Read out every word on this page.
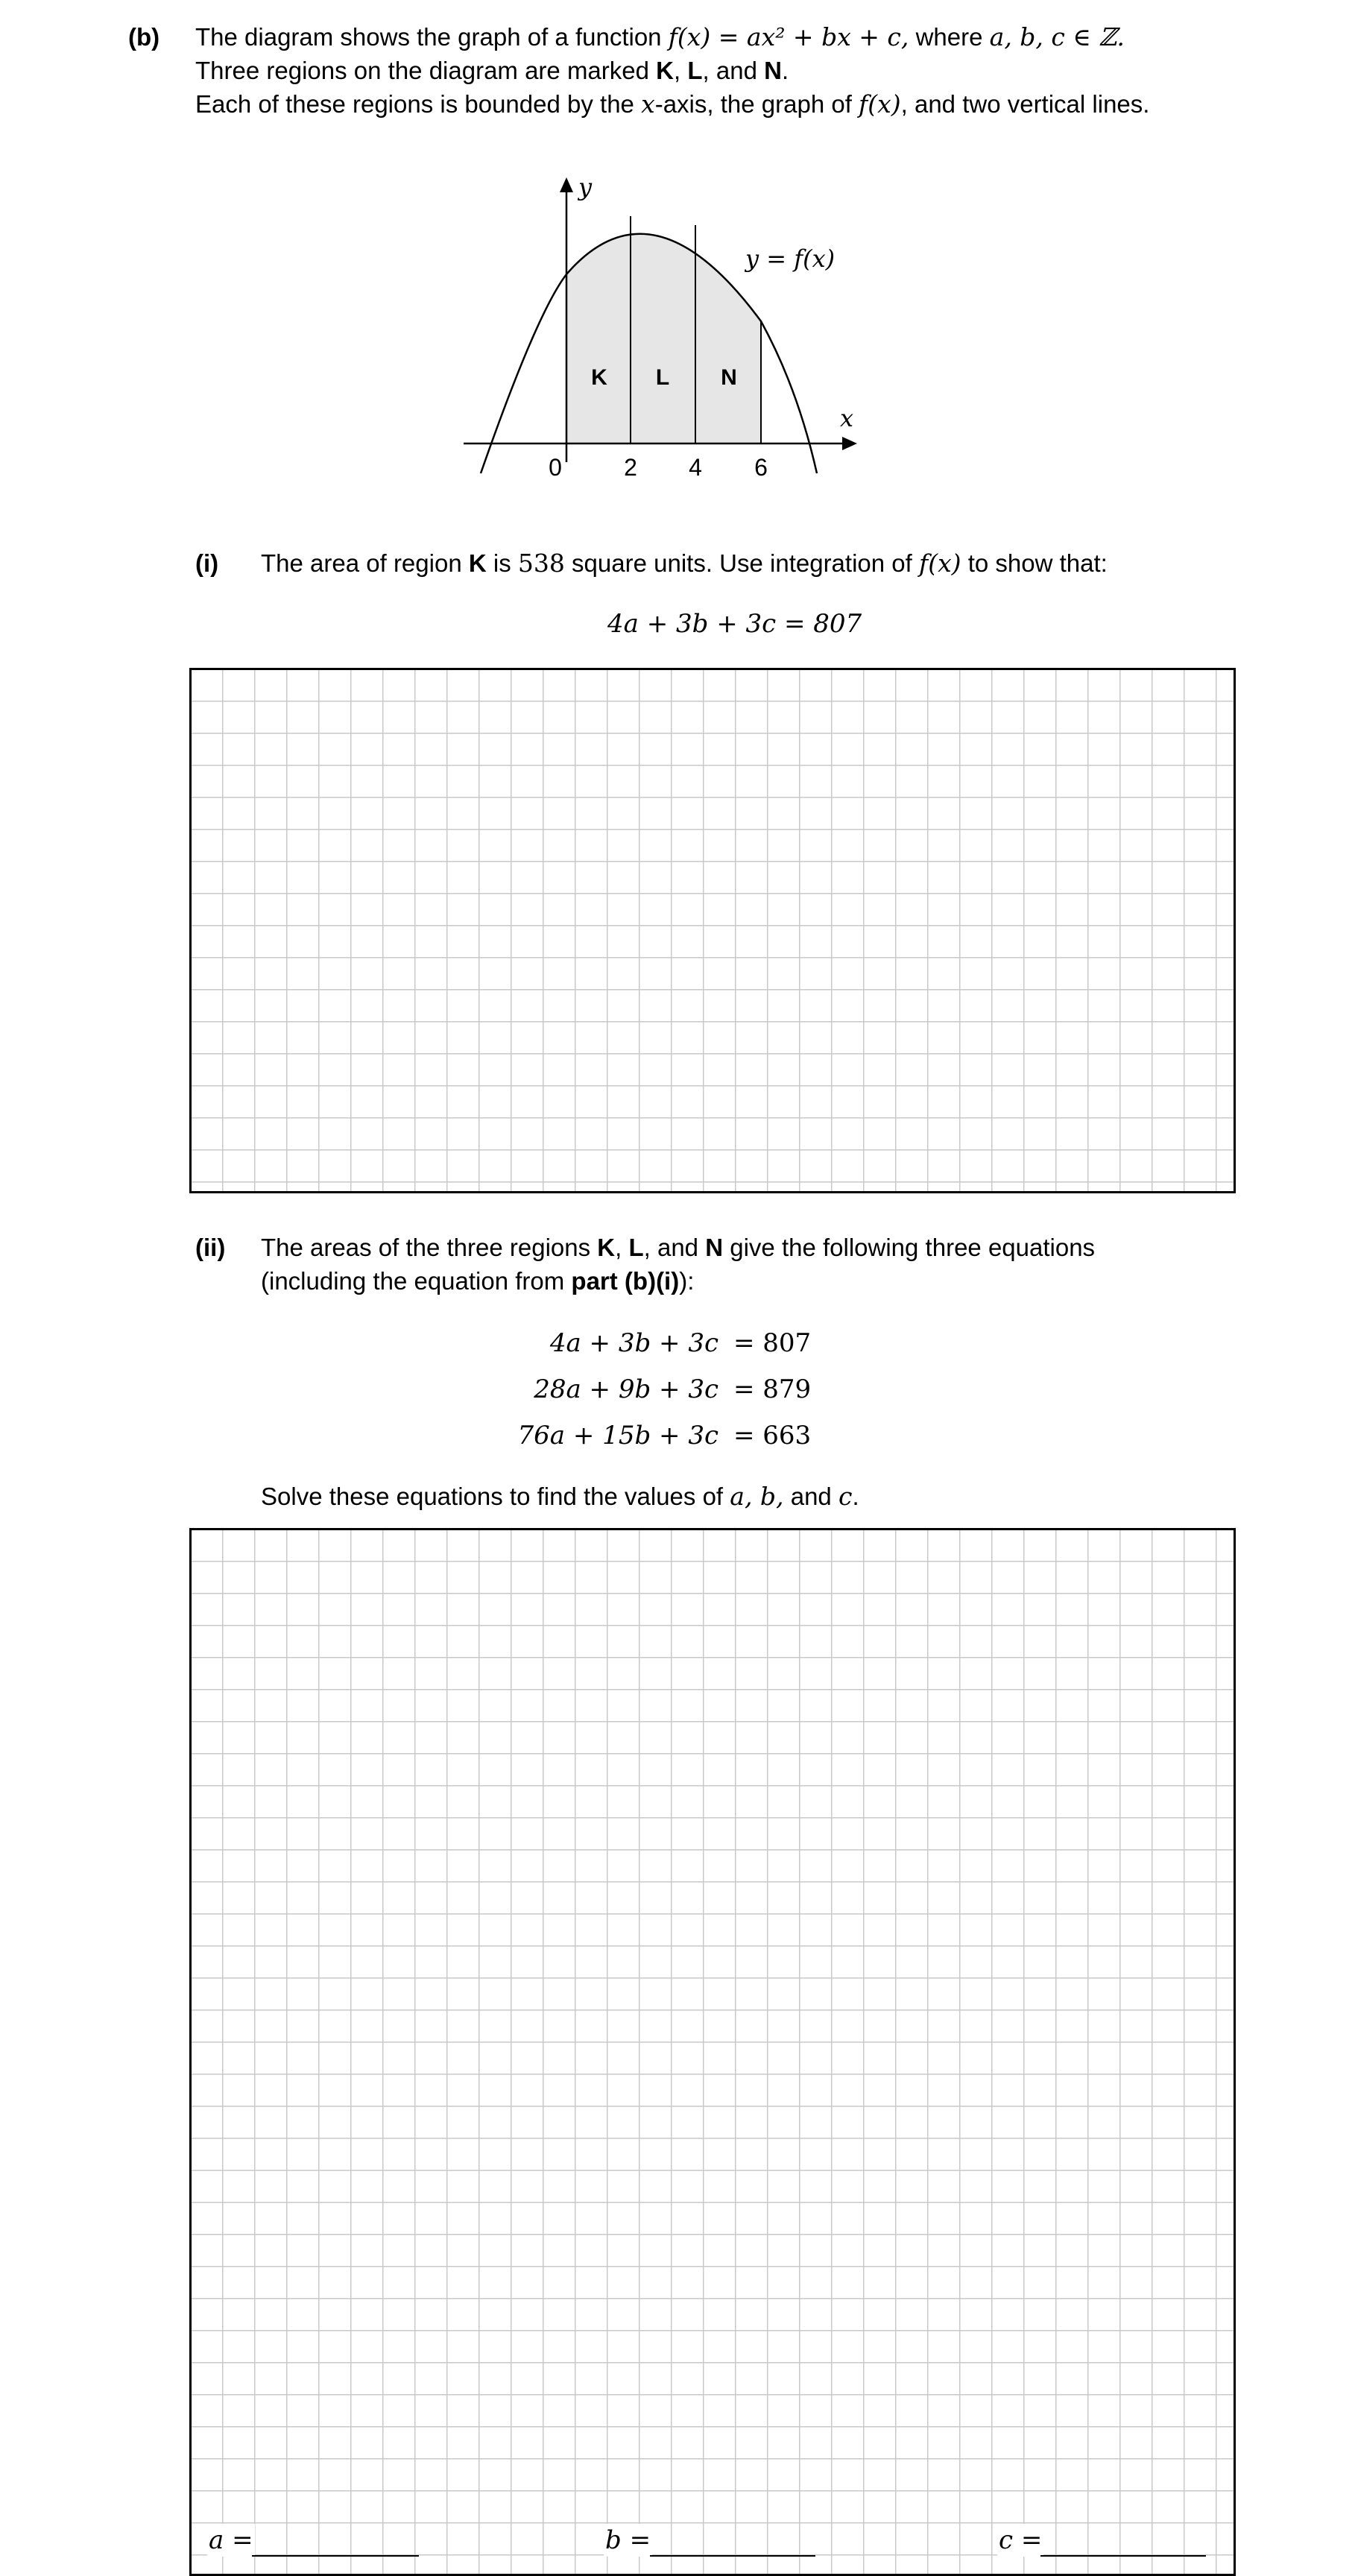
(b) The diagram shows the graph of a function f(x) = ax² + bx + c, where a, b, c ∈ ℤ.
Three regions on the diagram are marked K, L, and N.
Each of these regions is bounded by the x-axis, the graph of f(x), and two vertical lines.
y
x
y = f(x)
K L N
0	2 4 6
(i) The area of region K is 538 square units. Use integration of f(x) to show that:
4a + 3b + 3c = 807
(ii) The areas of the three regions K, L, and N give the following three equations
(including the equation from part (b)(i)):
4a + 3b + 3c = 807
28a + 9b + 3c = 879
76a + 15b + 3c = 663
Solve these equations to find the values of a, b, and c.
a =	b =	c =
